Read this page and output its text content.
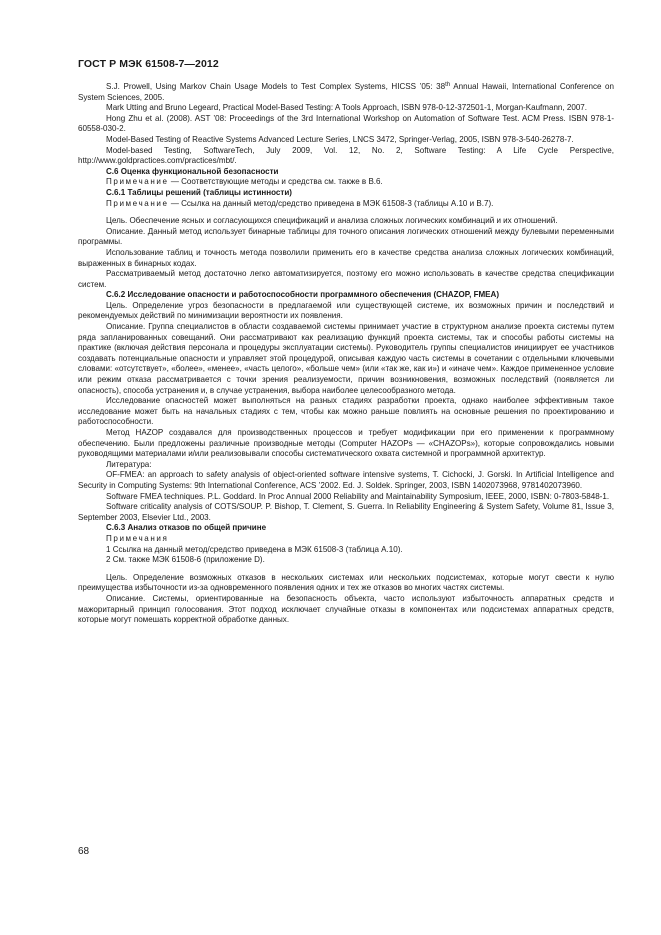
ГОСТ Р МЭК 61508-7—2012

S.J. Prowell, Using Markov Chain Usage Models to Test Complex Systems, HICSS ’05: 38th Annual Hawaii, International Conference on System Sciences, 2005.

Mark Utting and Bruno Legeard, Practical Model-Based Testing: A Tools Approach, ISBN 978-0-12-372501-1, Morgan-Kaufmann, 2007.

Hong Zhu et al. (2008). AST ’08: Proceedings of the 3rd International Workshop on Automation of Software Test. ACM Press. ISBN 978-1-60558-030-2.

Model-Based Testing of Reactive Systems Advanced Lecture Series, LNCS 3472, Springer-Verlag, 2005, ISBN 978-3-540-26278-7.

Model-based Testing, SoftwareTech, July 2009, Vol. 12, No. 2, Software Testing: A Life Cycle Perspective, http://www.goldpractices.com/practices/mbt/.

С.6 Оценка функциональной безопасности

Примечание — Соответствующие методы и средства см. также в В.6.

С.6.1 Таблицы решений (таблицы истинности)

Примечание — Ссылка на данный метод/средство приведена в МЭК 61508-3 (таблицы А.10 и В.7).

Цель. Обеспечение ясных и согласующихся спецификаций и анализа сложных логических комбинаций и их отношений.

Описание. Данный метод использует бинарные таблицы для точного описания логических отношений между булевыми переменными программы.

Использование таблиц и точность метода позволили применить его в качестве средства анализа сложных логических комбинаций, выраженных в бинарных кодах.

Рассматриваемый метод достаточно легко автоматизируется, поэтому его можно использовать в качестве средства спецификации систем.

С.6.2 Исследование опасности и работоспособности программного обеспечения (CHAZOP, FMEA)

Цель. Определение угроз безопасности в предлагаемой или существующей системе, их возможных причин и последствий и рекомендуемых действий по минимизации вероятности их появления.

Описание. Группа специалистов в области создаваемой системы принимает участие в структурном анализе проекта системы путем ряда запланированных совещаний. Они рассматривают как реализацию функций проекта системы, так и способы работы системы на практике (включая действия персонала и процедуры эксплуатации системы). Руководитель группы специалистов инициирует ее участников создавать потенциальные опасности и управляет этой процедурой, описывая каждую часть системы в сочетании с отдельными ключевыми словами: «отсутствует», «более», «менее», «часть целого», «больше чем» (или «так же, как и») и «иначе чем». Каждое примененное условие или режим отказа рассматривается с точки зрения реализуемости, причин возникновения, возможных последствий (появляется ли опасность), способа устранения и, в случае устранения, выбора наиболее целесообразного метода.

Исследование опасностей может выполняться на разных стадиях разработки проекта, однако наиболее эффективным такое исследование может быть на начальных стадиях с тем, чтобы как можно раньше повлиять на основные решения по проектированию и работоспособности.

Метод HAZOP создавался для производственных процессов и требует модификации при его применении к программному обеспечению. Были предложены различные производные методы (Computer HAZOPs — «CHAZOPs»), которые сопровождались новыми руководящими материалами и/или реализовывали способы систематического охвата системной и программной архитектур.

Литература:

OF-FMEA: an approach to safety analysis of object-oriented software intensive systems, T. Cichocki, J. Gorski. In Artificial Intelligence and Security in Computing Systems: 9th International Conference, ACS ’2002. Ed. J. Soldek. Springer, 2003, ISBN 1402073968, 9781402073960.

Software FMEA techniques. P.L. Goddard. In Proc Annual 2000 Reliability and Maintainability Symposium, IEEE, 2000, ISBN: 0-7803-5848-1.

Software criticality analysis of COTS/SOUP. P. Bishop, T. Clement, S. Guerra. In Reliability Engineering & System Safety, Volume 81, Issue 3, September 2003, Elsevier Ltd., 2003.

С.6.3 Анализ отказов по общей причине

Примечания

1 Ссылка на данный метод/средство приведена в МЭК 61508-3 (таблица А.10).

2 См. также МЭК 61508-6 (приложение D).

Цель. Определение возможных отказов в нескольких системах или нескольких подсистемах, которые могут свести к нулю преимущества избыточности из-за одновременного появления одних и тех же отказов во многих частях системы.

Описание. Системы, ориентированные на безопасность объекта, часто используют избыточность аппаратных средств и мажоритарный принцип голосования. Этот подход исключает случайные отказы в компонентах или подсистемах аппаратных средств, которые могут помешать корректной обработке данных.

68
